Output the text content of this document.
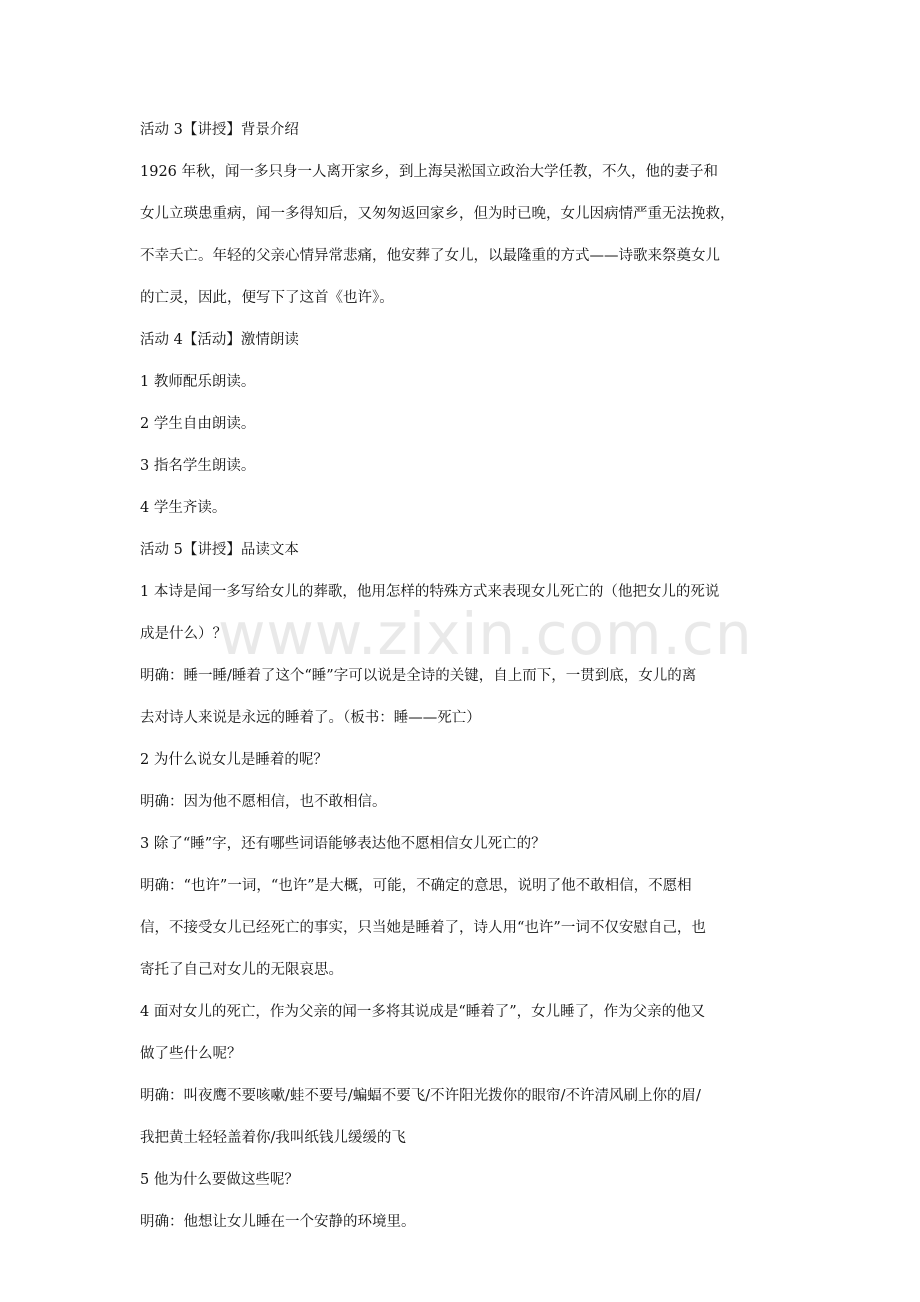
www.zixin.com.cn
活动 3【讲授】背景介绍
1926 年秋，闻一多只身一人离开家乡，到上海吴淞国立政治大学任教，不久，他的妻子和
女儿立瑛患重病，闻一多得知后，又匆匆返回家乡，但为时已晚，女儿因病情严重无法挽救，
不幸夭亡。年轻的父亲心情异常悲痛，他安葬了女儿，以最隆重的方式——诗歌来祭奠女儿
的亡灵，因此，便写下了这首《也许》。
活动 4【活动】激情朗读
1 教师配乐朗读。
2 学生自由朗读。
3 指名学生朗读。
4 学生齐读。
活动 5【讲授】品读文本
1 本诗是闻一多写给女儿的葬歌，他用怎样的特殊方式来表现女儿死亡的（他把女儿的死说
成是什么）？
明确：睡一睡/睡着了这个“睡”字可以说是全诗的关键，自上而下，一贯到底，女儿的离
去对诗人来说是永远的睡着了。（板书：睡——死亡）
2 为什么说女儿是睡着的呢？
明确：因为他不愿相信，也不敢相信。
3 除了“睡”字，还有哪些词语能够表达他不愿相信女儿死亡的？
明确：“也许”一词，“也许”是大概，可能，不确定的意思，说明了他不敢相信，不愿相
信，不接受女儿已经死亡的事实，只当她是睡着了，诗人用“也许”一词不仅安慰自己，也
寄托了自己对女儿的无限哀思。
4 面对女儿的死亡，作为父亲的闻一多将其说成是“睡着了”，女儿睡了，作为父亲的他又
做了些什么呢？
明确：叫夜鹰不要咳嗽/蛙不要号/蝙蝠不要飞/不许阳光拨你的眼帘/不许清风刷上你的眉/
我把黄土轻轻盖着你/我叫纸钱儿缓缓的飞
5 他为什么要做这些呢？
明确：他想让女儿睡在一个安静的环境里。
